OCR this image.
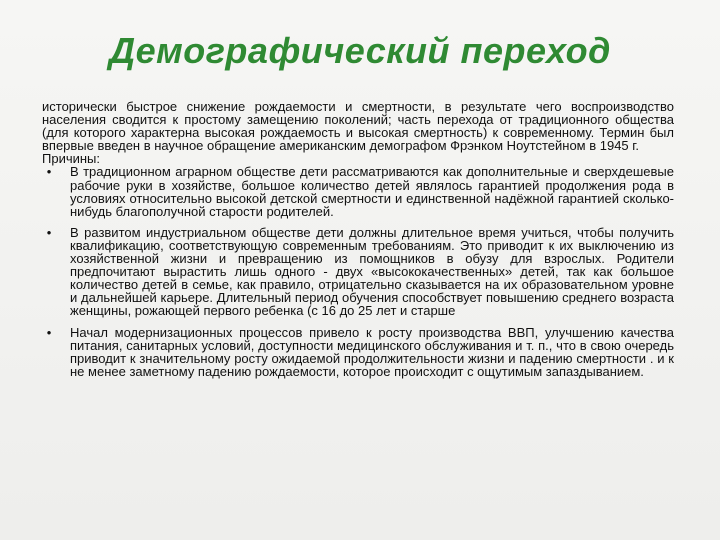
Демографический переход

исторически быстрое снижение рождаемости и смертности, в результате чего воспроизводство населения сводится к простому замещению поколений; часть перехода от традиционного общества (для которого характерна высокая рождаемость и высокая смертность) к современному. Термин был впервые введен в научное обращение американским демографом Фрэнком Ноутстейном в 1945 г.

Причины:

•	В традиционном аграрном обществе дети рассматриваются как дополнительные и сверхдешевые рабочие руки в хозяйстве, большое количество детей являлось гарантией продолжения рода в условиях относительно высокой детской смертности и единственной надёжной гарантией сколько-нибудь благополучной старости родителей.
•	В развитом индустриальном обществе дети должны длительное время учиться, чтобы получить квалификацию, соответствующую современным требованиям. Это приводит к их выключению из хозяйственной жизни и превращению из помощников в обузу для взрослых. Родители предпочитают вырастить лишь одного - двух «высококачественных» детей, так как большое количество детей в семье, как правило, отрицательно сказывается на их образовательном уровне и дальнейшей карьере. Длительный период обучения способствует повышению среднего возраста женщины, рожающей первого ребенка (с 16 до 25 лет и старше
•	Начал модернизационных процессов привело к росту производства ВВП, улучшению качества питания, санитарных условий, доступности медицинского обслуживания и т. п., что в свою очередь приводит к значительному росту ожидаемой продолжительности жизни и падению смертности . и к не менее заметному падению рождаемости, которое происходит с ощутимым запаздыванием.
